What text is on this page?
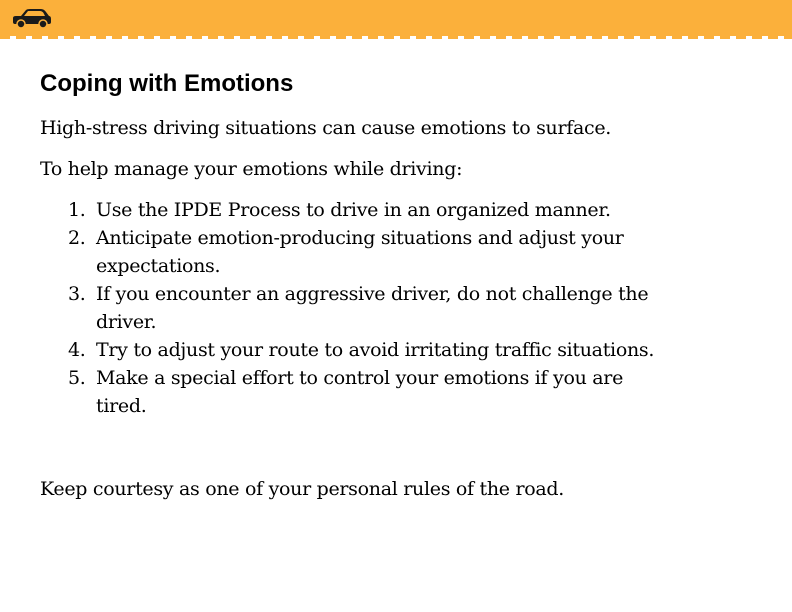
Coping with Emotions

High-stress driving situations can cause emotions to surface.

To help manage your emotions while driving:

1. Use the IPDE Process to drive in an organized manner.
2. Anticipate emotion-producing situations and adjust your expectations.
3. If you encounter an aggressive driver, do not challenge the driver.
4. Try to adjust your route to avoid irritating traffic situations.
5. Make a special effort to control your emotions if you are tired.

Keep courtesy as one of your personal rules of the road.
